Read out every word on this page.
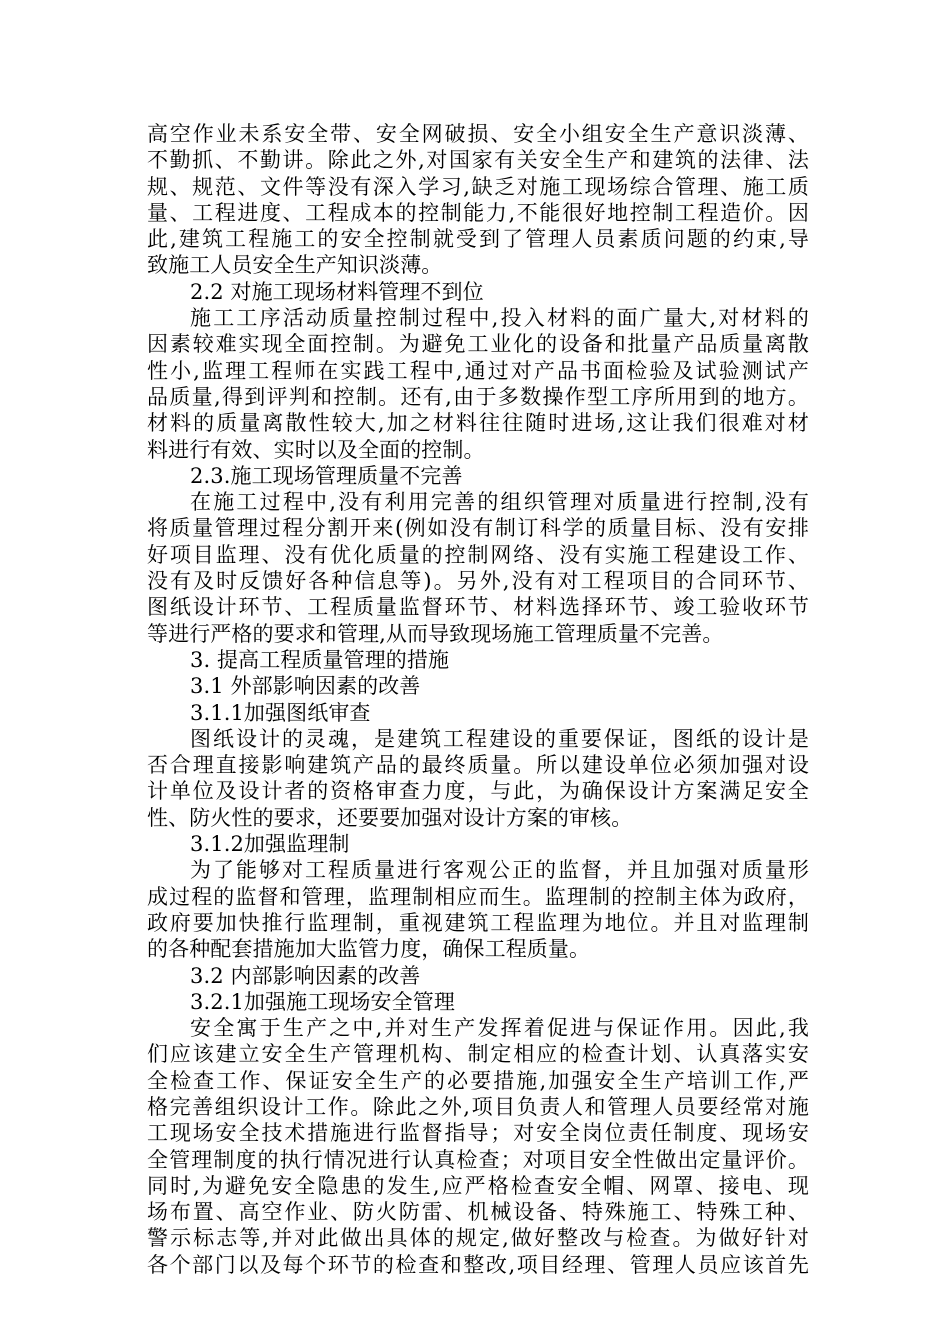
高空作业未系安全带、安全网破损、安全小组安全生产意识淡薄、
不勤抓、不勤讲。除此之外,对国家有关安全生产和建筑的法律、法
规、规范、文件等没有深入学习,缺乏对施工现场综合管理、施工质
量、工程进度、工程成本的控制能力,不能很好地控制工程造价。因
此,建筑工程施工的安全控制就受到了管理人员素质问题的约束,导
致施工人员安全生产知识淡薄。
2.2 对施工现场材料管理不到位
施工工序活动质量控制过程中,投入材料的面广量大,对材料的
因素较难实现全面控制。为避免工业化的设备和批量产品质量离散
性小,监理工程师在实践工程中,通过对产品书面检验及试验测试产
品质量,得到评判和控制。还有,由于多数操作型工序所用到的地方。
材料的质量离散性较大,加之材料往往随时进场,这让我们很难对材
料进行有效、实时以及全面的控制。
2.3.施工现场管理质量不完善
在施工过程中,没有利用完善的组织管理对质量进行控制,没有
将质量管理过程分割开来(例如没有制订科学的质量目标、没有安排
好项目监理、没有优化质量的控制网络、没有实施工程建设工作、
没有及时反馈好各种信息等)。另外,没有对工程项目的合同环节、
图纸设计环节、工程质量监督环节、材料选择环节、竣工验收环节
等进行严格的要求和管理,从而导致现场施工管理质量不完善。
3. 提高工程质量管理的措施
3.1 外部影响因素的改善
3.1.1加强图纸审查
图纸设计的灵魂，是建筑工程建设的重要保证，图纸的设计是
否合理直接影响建筑产品的最终质量。所以建设单位必须加强对设
计单位及设计者的资格审查力度，与此，为确保设计方案满足安全
性、防火性的要求，还要要加强对设计方案的审核。
3.1.2加强监理制
为了能够对工程质量进行客观公正的监督，并且加强对质量形
成过程的监督和管理，监理制相应而生。监理制的控制主体为政府，
政府要加快推行监理制，重视建筑工程监理为地位。并且对监理制
的各种配套措施加大监管力度，确保工程质量。
3.2 内部影响因素的改善
3.2.1加强施工现场安全管理
安全寓于生产之中,并对生产发挥着促进与保证作用。因此,我
们应该建立安全生产管理机构、制定相应的检查计划、认真落实安
全检查工作、保证安全生产的必要措施,加强安全生产培训工作,严
格完善组织设计工作。除此之外,项目负责人和管理人员要经常对施
工现场安全技术措施进行监督指导；对安全岗位责任制度、现场安
全管理制度的执行情况进行认真检查；对项目安全性做出定量评价。
同时,为避免安全隐患的发生,应严格检查安全帽、网罩、接电、现
场布置、高空作业、防火防雷、机械设备、特殊施工、特殊工种、
警示标志等,并对此做出具体的规定,做好整改与检查。为做好针对
各个部门以及每个环节的检查和整改,项目经理、管理人员应该首先
